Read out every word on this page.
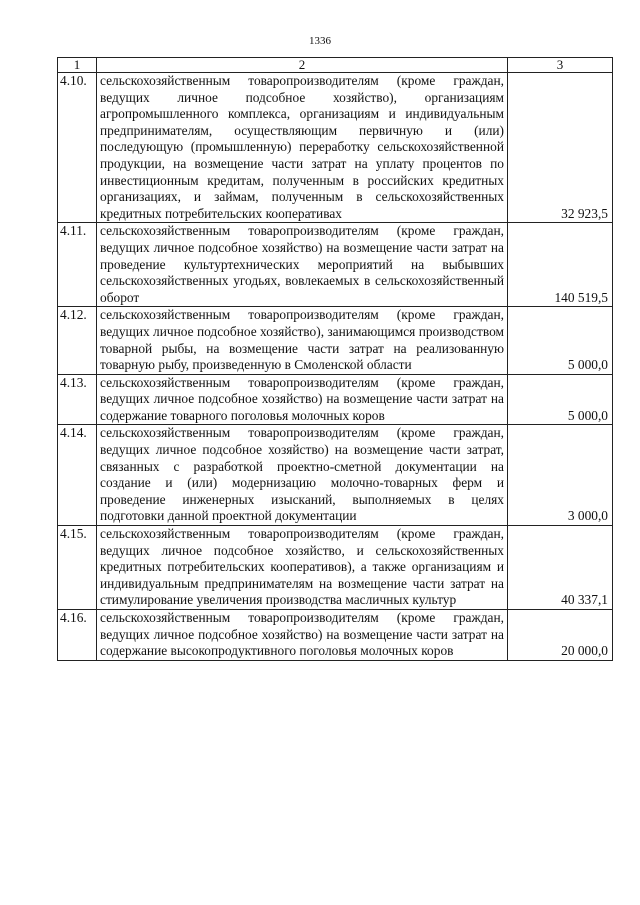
1336
1	2	3
4.10.	сельскохозяйственным товаропроизводителям (кроме граждан, ведущих личное подсобное хозяйство), организациям агропромышленного комплекса, организациям и индивидуальным предпринимателям, осуществляющим первичную и (или) последующую (промышленную) переработку сельскохозяйственной продукции, на возмещение части затрат на уплату процентов по инвестиционным кредитам, полученным в российских кредитных организациях, и займам, полученным в сельскохозяйственных кредитных потребительских кооперативах	32 923,5
4.11.	сельскохозяйственным товаропроизводителям (кроме граждан, ведущих личное подсобное хозяйство) на возмещение части затрат на проведение культуртехнических мероприятий на выбывших сельскохозяйственных угодьях, вовлекаемых в сельскохозяйственный оборот	140 519,5
4.12.	сельскохозяйственным товаропроизводителям (кроме граждан, ведущих личное подсобное хозяйство), занимающимся производством товарной рыбы, на возмещение части затрат на реализованную товарную рыбу, произведенную в Смоленской области	5 000,0
4.13.	сельскохозяйственным товаропроизводителям (кроме граждан, ведущих личное подсобное хозяйство) на возмещение части затрат на содержание товарного поголовья молочных коров	5 000,0
4.14.	сельскохозяйственным товаропроизводителям (кроме граждан, ведущих личное подсобное хозяйство) на возмещение части затрат, связанных с разработкой проектно-сметной документации на создание и (или) модернизацию молочно-товарных ферм и проведение инженерных изысканий, выполняемых в целях подготовки данной проектной документации	3 000,0
4.15.	сельскохозяйственным товаропроизводителям (кроме граждан, ведущих личное подсобное хозяйство, и сельскохозяйственных кредитных потребительских кооперативов), а также организациям и индивидуальным предпринимателям на возмещение части затрат на стимулирование увеличения производства масличных культур	40 337,1
4.16.	сельскохозяйственным товаропроизводителям (кроме граждан, ведущих личное подсобное хозяйство) на возмещение части затрат на содержание высокопродуктивного поголовья молочных коров	20 000,0
